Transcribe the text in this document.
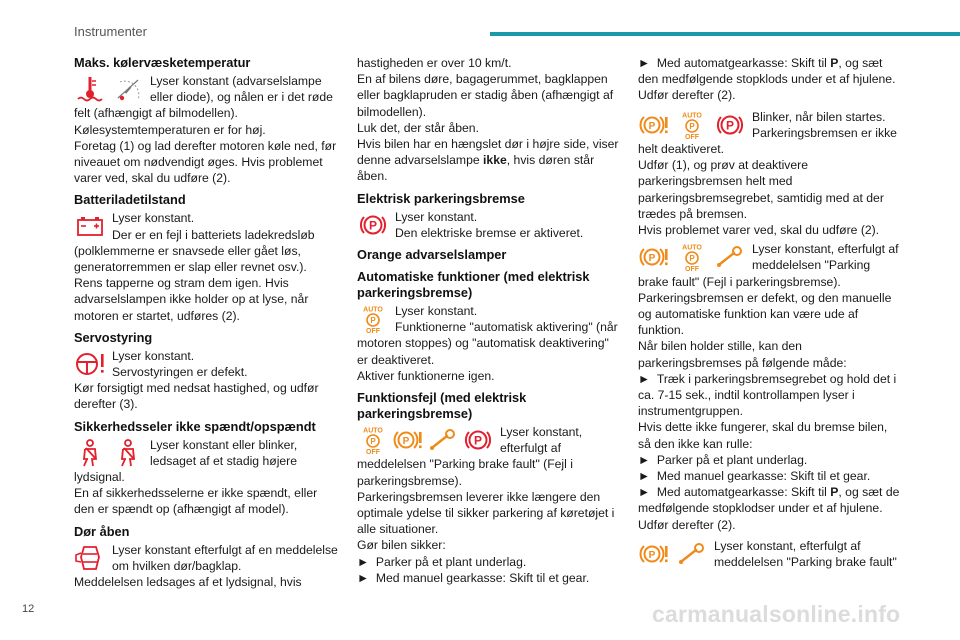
Instrumenter
Maks. kølervæsketemperatur

Lyser konstant (advarselslampe eller diode), og nålen er i det røde felt (afhængigt af bilmodellen).

Kølesystemtemperaturen er for høj.

Foretag (1) og lad derefter motoren køle ned, før niveauet om nødvendigt øges. Hvis problemet varer ved, skal du udføre (2).

Batteriladetilstand

Lyser konstant.

Der er en fejl i batteriets ladekredsløb (polklemmerne er snavsede eller gået løs, generatorremmen er slap eller revnet osv.).

Rens tapperne og stram dem igen. Hvis advarselslampen ikke holder op at lyse, når motoren er startet, udføres (2).

Servostyring

Lyser konstant.

Servostyringen er defekt.

Kør forsigtigt med nedsat hastighed, og udfør derefter (3).

Sikkerhedsseler ikke spændt/opspændt

Lyser konstant eller blinker, ledsaget af et stadig højere lydsignal.

En af sikkerhedsselerne er ikke spændt, eller den er spændt op (afhængigt af model).

Dør åben

Lyser konstant efterfulgt af en meddelelse om hvilken dør/bagklap.

Meddelelsen ledsages af et lydsignal, hvis

hastigheden er over 10 km/t.

En af bilens døre, bagagerummet, bagklappen eller bagklapruden er stadig åben (afhængigt af bilmodellen).

Luk det, der står åben.

Hvis bilen har en hængslet dør i højre side, viser denne advarselslampe ikke, hvis døren står åben.

Elektrisk parkeringsbremse

Lyser konstant.

Den elektriske bremse er aktiveret.

Orange advarselslamper
Automatiske funktioner (med elektrisk parkeringsbremse)

Lyser konstant.

Funktionerne "automatisk aktivering" (når motoren stoppes) og "automatisk deaktivering" er deaktiveret.

Aktiver funktionerne igen.

Funktionsfejl (med elektrisk parkeringsbremse)

Lyser konstant, efterfulgt af meddelelsen "Parking brake fault" (Fejl i parkeringsbremse).

Parkeringsbremsen leverer ikke længere den optimale ydelse til sikker parkering af køretøjet i alle situationer.

Gør bilen sikker:

►  Parker på et plant underlag.

►  Med manuel gearkasse: Skift til et gear.

►  Med automatgearkasse: Skift til P, og sæt den medfølgende stopklods under et af hjulene.

Udfør derefter (2).

Blinker, når bilen startes. Parkeringsbremsen er ikke helt deaktiveret.

Udfør (1), og prøv at deaktivere parkeringsbremsen helt med parkeringsbremsegrebet, samtidig med at der trædes på bremsen.

Hvis problemet varer ved, skal du udføre (2).

Lyser konstant, efterfulgt af meddelelsen "Parking brake fault" (Fejl i parkeringsbremse).

Parkeringsbremsen er defekt, og den manuelle og automatiske funktion kan være ude af funktion.

Når bilen holder stille, kan den parkeringsbremses på følgende måde:

►  Træk i parkeringsbremsegrebet og hold det i ca. 7-15 sek., indtil kontrollampen lyser i instrumentgruppen.

Hvis dette ikke fungerer, skal du bremse bilen, så den ikke kan rulle:

►  Parker på et plant underlag.

►  Med manuel gearkasse: Skift til et gear.

►  Med automatgearkasse: Skift til P, og sæt de medfølgende stopklodser under et af hjulene.

Udfør derefter (2).

Lyser konstant, efterfulgt af meddelelsen "Parking brake fault"

12	carmanualsonline.info
